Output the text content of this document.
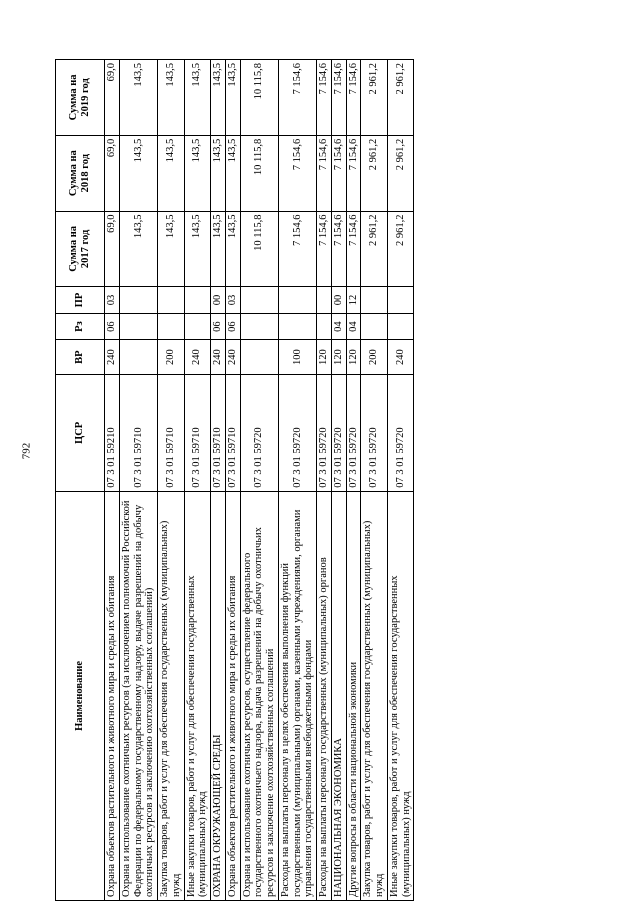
792
Наименование	ЦСР	ВР	Рз	ПР	Сумма на 2017 год	Сумма на 2018 год	Сумма на 2019 год
Охрана объектов растительного и животного мира и среды их обитания	07 3 01 59210	240	06	03	69,0	69,0	69,0
Охрана и использование охотничьих ресурсов (за исключением полномочий Российской Федерации по федеральному государственному надзору, выдаче разрешений на добычу охотничьих ресурсов и заключению охотхозяйственных соглашений)	07 3 01 59710				143,5	143,5	143,5
Закупка товаров, работ и услуг для обеспечения государственных (муниципальных) нужд	07 3 01 59710	200			143,5	143,5	143,5
Иные закупки товаров, работ и услуг для обеспечения государственных (муниципальных) нужд	07 3 01 59710	240			143,5	143,5	143,5
ОХРАНА ОКРУЖАЮЩЕЙ СРЕДЫ	07 3 01 59710	240	06	00	143,5	143,5	143,5
Охрана объектов растительного и животного мира и среды их обитания	07 3 01 59710	240	06	03	143,5	143,5	143,5
Охрана и использование охотничьих ресурсов, осуществление федерального государственного охотничьего надзора, выдача разрешений на добычу охотничьих ресурсов и заключение охотхозяйственных соглашений	07 3 01 59720				10 115,8	10 115,8	10 115,8
Расходы на выплаты персоналу в целях обеспечения выполнения функций государственными (муниципальными) органами, казенными учреждениями, органами управления государственными внебюджетными фондами	07 3 01 59720	100			7 154,6	7 154,6	7 154,6
Расходы на выплаты персоналу государственных (муниципальных) органов	07 3 01 59720	120			7 154,6	7 154,6	7 154,6
НАЦИОНАЛЬНАЯ ЭКОНОМИКА	07 3 01 59720	120	04	00	7 154,6	7 154,6	7 154,6
Другие вопросы в области национальной экономики	07 3 01 59720	120	04	12	7 154,6	7 154,6	7 154,6
Закупка товаров, работ и услуг для обеспечения государственных (муниципальных) нужд	07 3 01 59720	200			2 961,2	2 961,2	2 961,2
Иные закупки товаров, работ и услуг для обеспечения государственных (муниципальных) нужд	07 3 01 59720	240			2 961,2	2 961,2	2 961,2
